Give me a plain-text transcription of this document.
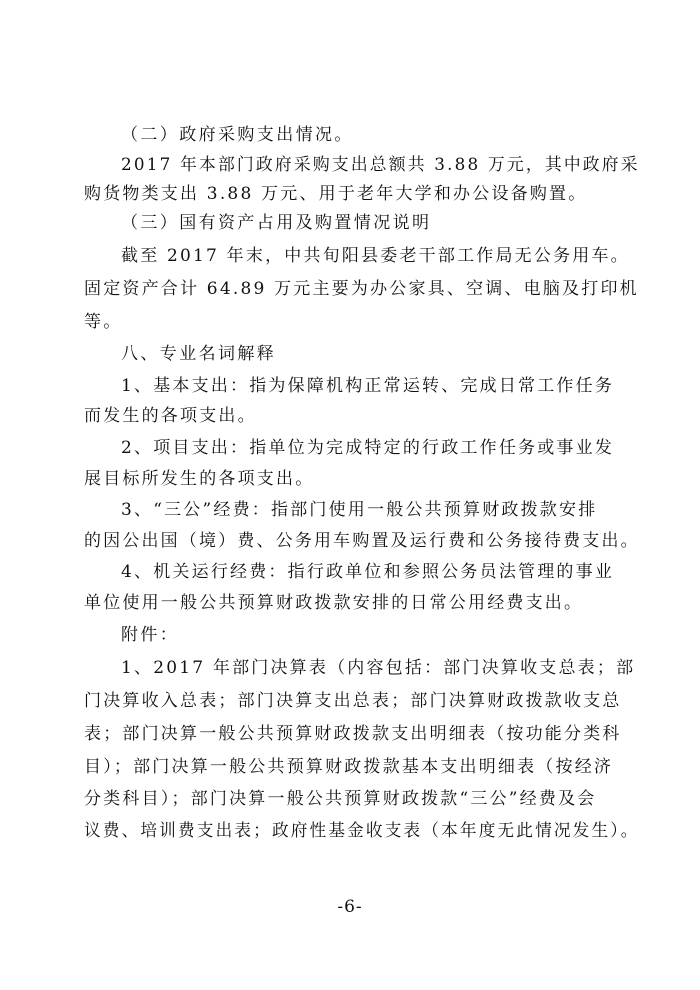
（二）政府采购支出情况。
2017 年本部门政府采购支出总额共 3.88 万元，其中政府采
购货物类支出 3.88 万元、用于老年大学和办公设备购置。
（三）国有资产占用及购置情况说明
截至 2017 年末，中共旬阳县委老干部工作局无公务用车。
固定资产合计 64.89 万元主要为办公家具、空调、电脑及打印机
等。
八、专业名词解释
1、基本支出：指为保障机构正常运转、完成日常工作任务
而发生的各项支出。
2、项目支出：指单位为完成特定的行政工作任务或事业发
展目标所发生的各项支出。
3、“三公”经费：指部门使用一般公共预算财政拨款安排
的因公出国（境）费、公务用车购置及运行费和公务接待费支出。
4、机关运行经费：指行政单位和参照公务员法管理的事业
单位使用一般公共预算财政拨款安排的日常公用经费支出。
附件：
1、2017 年部门决算表（内容包括：部门决算收支总表；部
门决算收入总表；部门决算支出总表；部门决算财政拨款收支总
表；部门决算一般公共预算财政拨款支出明细表（按功能分类科
目）；部门决算一般公共预算财政拨款基本支出明细表（按经济
分类科目）；部门决算一般公共预算财政拨款“三公”经费及会
议费、培训费支出表；政府性基金收支表（本年度无此情况发生）。
-6-
